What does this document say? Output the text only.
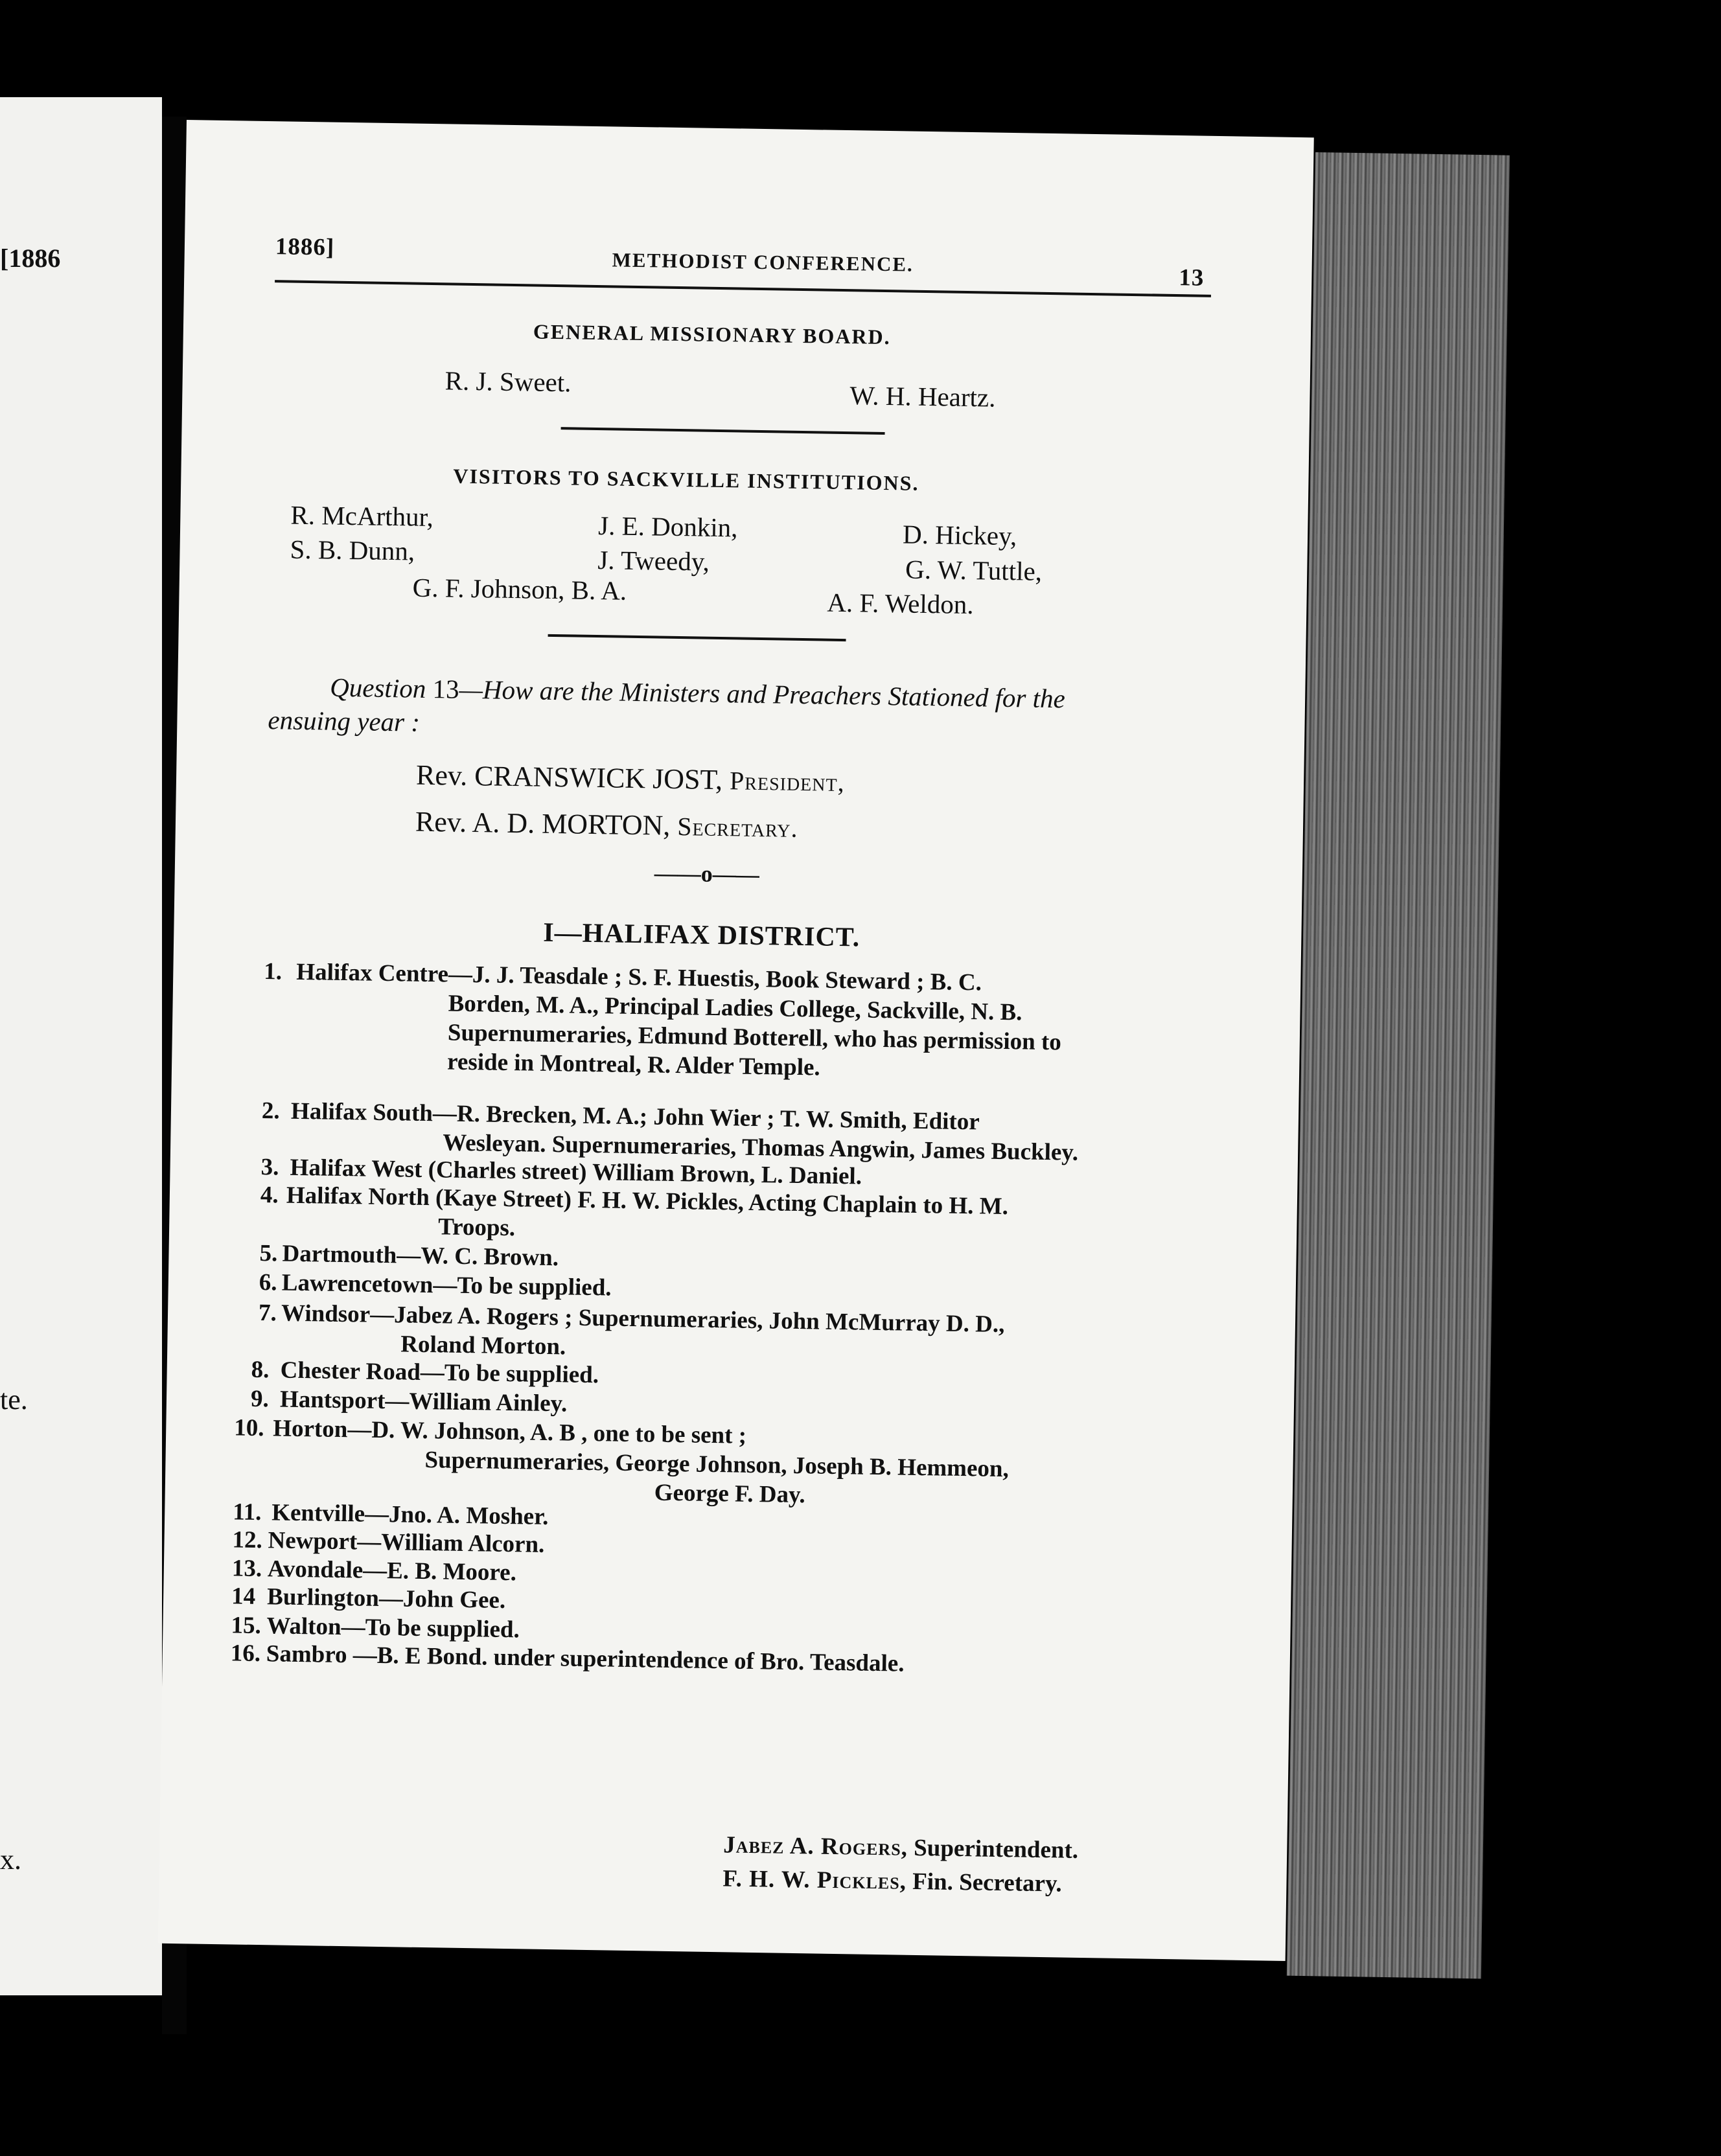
[1886
te.
x.
1886]
METHODIST CONFERENCE.
13
GENERAL MISSIONARY BOARD.
R. J. Sweet.	W. H. Heartz.
VISITORS TO SACKVILLE INSTITUTIONS.
R. McArthur,	J. E. Donkin,	D. Hickey,
S. B. Dunn,	J. Tweedy,	G. W. Tuttle,
G. F. Johnson, B. A.	A. F. Weldon.
Question 13—How are the Ministers and Preachers Stationed for the
ensuing year :
Rev. CRANSWICK JOST, President,
Rev. A. D. MORTON, Secretary.
——o——
I—HALIFAX DISTRICT.
1. Halifax Centre—J. J. Teasdale ; S. F. Huestis, Book Steward ; B. C.
Borden, M. A., Principal Ladies College, Sackville, N. B.
Supernumeraries, Edmund Botterell, who has permission to
reside in Montreal, R. Alder Temple.
2. Halifax South—R. Brecken, M. A.; John Wier ; T. W. Smith, Editor
Wesleyan. Supernumeraries, Thomas Angwin, James Buckley.
3. Halifax West (Charles street) William Brown, L. Daniel.
4. Halifax North (Kaye Street) F. H. W. Pickles, Acting Chaplain to H. M.
Troops.
5. Dartmouth—W. C. Brown.
6. Lawrencetown—To be supplied.
7. Windsor—Jabez A. Rogers ; Supernumeraries, John McMurray D. D.,
Roland Morton.
8. Chester Road—To be supplied.
9. Hantsport—William Ainley.
10. Horton—D. W. Johnson, A. B , one to be sent ;
Supernumeraries, George Johnson, Joseph B. Hemmeon,
George F. Day.
11. Kentville—Jno. A. Mosher.
12. Newport—William Alcorn.
13. Avondale—E. B. Moore.
14 Burlington—John Gee.
15. Walton—To be supplied.
16. Sambro —B. E Bond. under superintendence of Bro. Teasdale.
Jabez A. Rogers, Superintendent.
F. H. W. Pickles, Fin. Secretary.
